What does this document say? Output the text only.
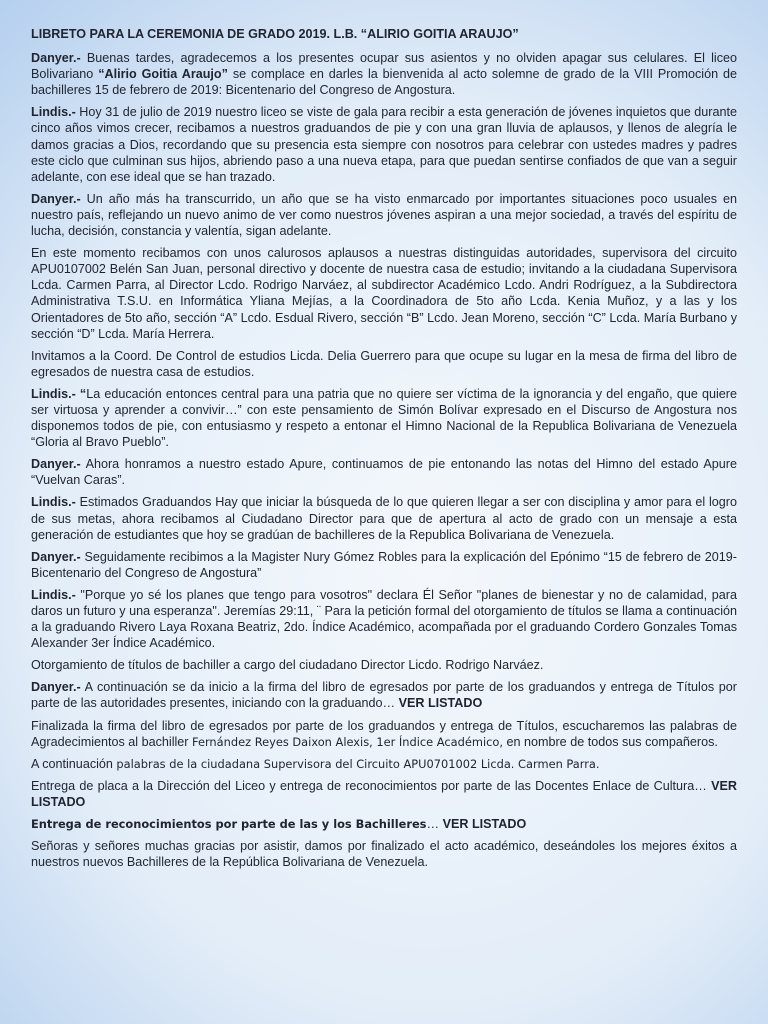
LIBRETO PARA LA CEREMONIA DE GRADO 2019. L.B. “ALIRIO GOITIA ARAUJO”

Danyer.- Buenas tardes, agradecemos a los presentes ocupar sus asientos y no olviden apagar sus celulares. El liceo Bolivariano “Alirio Goitia Araujo” se complace en darles la bienvenida al acto solemne de grado de la VIII Promoción de bachilleres 15 de febrero de 2019: Bicentenario del Congreso de Angostura.

Lindis.- Hoy 31 de julio de 2019 nuestro liceo se viste de gala para recibir a esta generación de jóvenes inquietos que durante cinco años vimos crecer, recibamos a nuestros graduandos de pie y con una gran lluvia de aplausos, y llenos de alegría le damos gracias a Dios, recordando que su presencia esta siempre con nosotros para celebrar con ustedes madres y padres este ciclo que culminan sus hijos, abriendo paso a una nueva etapa, para que puedan sentirse confiados de que van a seguir adelante, con ese ideal que se han trazado.

Danyer.- Un año más ha transcurrido, un año que se ha visto enmarcado por importantes situaciones poco usuales en nuestro país, reflejando un nuevo animo de ver como nuestros jóvenes aspiran a una mejor sociedad, a través del espíritu de lucha, decisión, constancia y valentía, sigan adelante.

En este momento recibamos con unos calurosos aplausos a nuestras distinguidas autoridades, supervisora del circuito APU0107002 Belén San Juan, personal directivo y docente de nuestra casa de estudio; invitando a la ciudadana Supervisora Lcda. Carmen Parra, al Director Lcdo. Rodrigo Narváez, al subdirector Académico Lcdo. Andri Rodríguez, a la Subdirectora Administrativa T.S.U. en Informática Yliana Mejías, a la Coordinadora de 5to año Lcda. Kenia Muñoz, y a las y los Orientadores de 5to año, sección “A” Lcdo. Esdual Rivero, sección “B” Lcdo. Jean Moreno, sección “C” Lcda. María Burbano y sección “D” Lcda. María Herrera.

Invitamos a la Coord. De Control de estudios Licda. Delia Guerrero para que ocupe su lugar en la mesa de firma del libro de egresados de nuestra casa de estudios.

Lindis.- “La educación entonces central para una patria que no quiere ser víctima de la ignorancia y del engaño, que quiere ser virtuosa y aprender a convivir…” con este pensamiento de Simón Bolívar expresado en el Discurso de Angostura nos disponemos todos de pie, con entusiasmo y respeto a entonar el Himno Nacional de la Republica Bolivariana de Venezuela “Gloria al Bravo Pueblo”.

Danyer.- Ahora honramos a nuestro estado Apure, continuamos de pie entonando las notas del Himno del estado Apure “Vuelvan Caras”.

Lindis.- Estimados Graduandos Hay que iniciar la búsqueda de lo que quieren llegar a ser con disciplina y amor para el logro de sus metas, ahora recibamos al Ciudadano Director para que de apertura al acto de grado con un mensaje a esta generación de estudiantes que hoy se gradúan de bachilleres de la Republica Bolivariana de Venezuela.

Danyer.- Seguidamente recibimos a la Magister Nury Gómez Robles para la explicación del Epónimo “15 de febrero de 2019-Bicentenario del Congreso de Angostura”

Lindis.- "Porque yo sé los planes que tengo para vosotros" declara Él Señor "planes de bienestar y no de calamidad, para daros un futuro y una esperanza". Jeremías 29:11, ¨ Para la petición formal del otorgamiento de títulos se llama a continuación a la graduando Rivero Laya Roxana Beatriz, 2do. Índice Académico, acompañada por el graduando Cordero Gonzales Tomas Alexander 3er Índice Académico.

Otorgamiento de títulos de bachiller a cargo del ciudadano Director Licdo. Rodrigo Narváez.

Danyer.- A continuación se da inicio a la firma del libro de egresados por parte de los graduandos y entrega de Títulos por parte de las autoridades presentes, iniciando con la graduando… VER LISTADO

Finalizada la firma del libro de egresados por parte de los graduandos y entrega de Títulos, escucharemos las palabras de Agradecimientos al bachiller Fernández Reyes Daixon Alexis, 1er Índice Académico, en nombre de todos sus compañeros.

A continuación palabras de la ciudadana Supervisora del Circuito APU0701002 Licda. Carmen Parra.

Entrega de placa a la Dirección del Liceo y entrega de reconocimientos por parte de las Docentes Enlace de Cultura… VER LISTADO

Entrega de reconocimientos por parte de las y los Bachilleres… VER LISTADO

Señoras y señores muchas gracias por asistir, damos por finalizado el acto académico, deseándoles los mejores éxitos a nuestros nuevos Bachilleres de la República Bolivariana de Venezuela.
